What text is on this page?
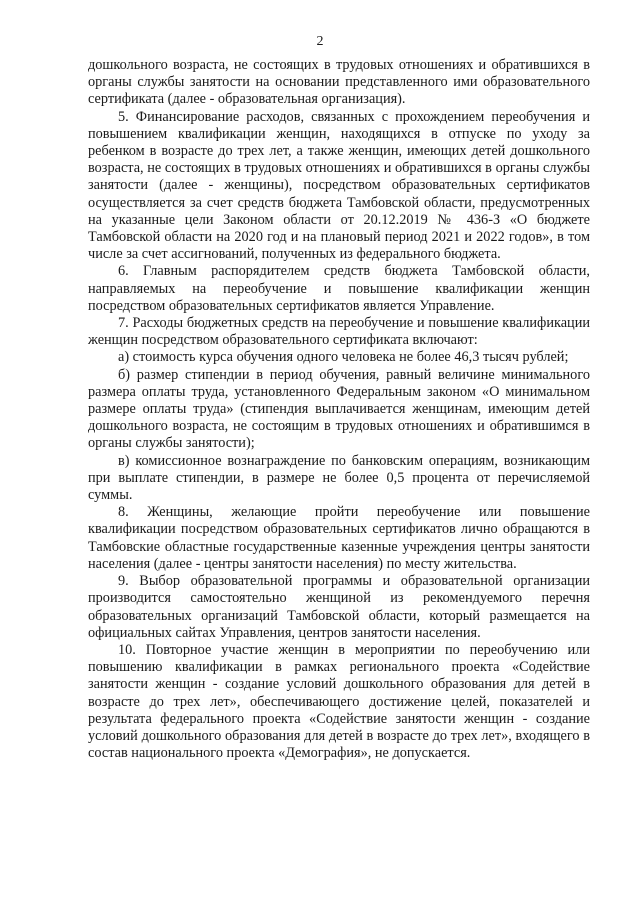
2

дошкольного возраста, не состоящих в трудовых отношениях и обратившихся в органы службы занятости на основании представленного ими образовательного сертификата (далее - образовательная организация).

5. Финансирование расходов, связанных с прохождением переобучения и повышением квалификации женщин, находящихся в отпуске по уходу за ребенком в возрасте до трех лет, а также женщин, имеющих детей дошкольного возраста, не состоящих в трудовых отношениях и обратившихся в органы службы занятости (далее - женщины), посредством образовательных сертификатов осуществляется за счет средств бюджета Тамбовской области, предусмотренных на указанные цели Законом области от 20.12.2019 № 436-З «О бюджете Тамбовской области на 2020 год и на плановый период 2021 и 2022 годов», в том числе за счет ассигнований, полученных из федерального бюджета.

6. Главным распорядителем средств бюджета Тамбовской области, направляемых на переобучение и повышение квалификации женщин посредством образовательных сертификатов является Управление.

7. Расходы бюджетных средств на переобучение и повышение квалификации женщин посредством образовательного сертификата включают:

а) стоимость курса обучения одного человека не более 46,3 тысяч рублей;

б) размер стипендии в период обучения, равный величине минимального размера оплаты труда, установленного Федеральным законом «О минимальном размере оплаты труда» (стипендия выплачивается женщинам, имеющим детей дошкольного возраста, не состоящим в трудовых отношениях и обратившимся в органы службы занятости);

в) комиссионное вознаграждение по банковским операциям, возникающим при выплате стипендии, в размере не более 0,5 процента от перечисляемой суммы.

8. Женщины, желающие пройти переобучение или повышение квалификации посредством образовательных сертификатов лично обращаются в Тамбовские областные государственные казенные учреждения центры занятости населения (далее - центры занятости населения) по месту жительства.

9. Выбор образовательной программы и образовательной организации производится самостоятельно женщиной из рекомендуемого перечня образовательных организаций Тамбовской области, который размещается на официальных сайтах Управления, центров занятости населения.

10. Повторное участие женщин в мероприятии по переобучению или повышению квалификации в рамках регионального проекта «Содействие занятости женщин - создание условий дошкольного образования для детей в возрасте до трех лет», обеспечивающего достижение целей, показателей и результата федерального проекта «Содействие занятости женщин - создание условий дошкольного образования для детей в возрасте до трех лет», входящего в состав национального проекта «Демография», не допускается.
